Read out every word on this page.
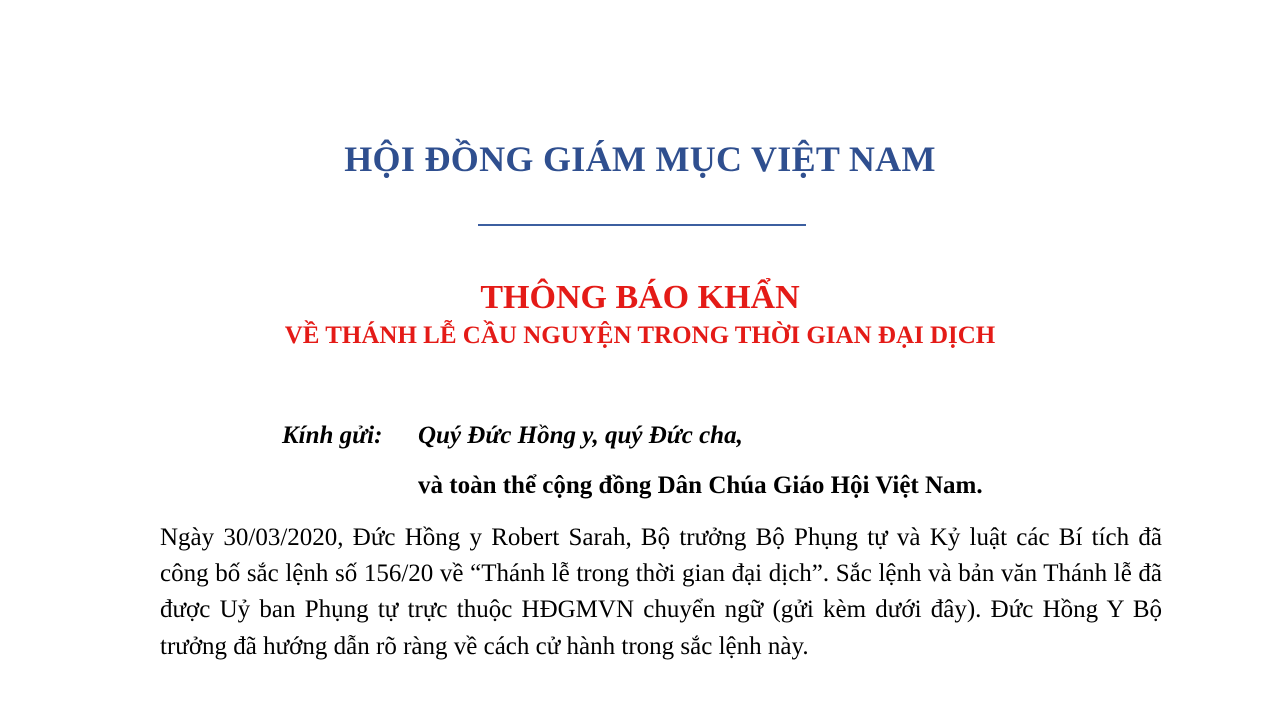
HỘI ĐỒNG GIÁM MỤC VIỆT NAM
THÔNG BÁO KHẨN
VỀ THÁNH LỄ CẦU NGUYỆN TRONG THỜI GIAN ĐẠI DỊCH
Kính gửi: Quý Đức Hồng y, quý Đức cha,
và toàn thể cộng đồng Dân Chúa Giáo Hội Việt Nam.
Ngày 30/03/2020, Đức Hồng y Robert Sarah, Bộ trưởng Bộ Phụng tự và Kỷ luật các Bí tích đã công bố sắc lệnh số 156/20 về “Thánh lễ trong thời gian đại dịch”. Sắc lệnh và bản văn Thánh lễ đã được Uỷ ban Phụng tự trực thuộc HĐGMVN chuyển ngữ (gửi kèm dưới đây). Đức Hồng Y Bộ trưởng đã hướng dẫn rõ ràng về cách cử hành trong sắc lệnh này.
